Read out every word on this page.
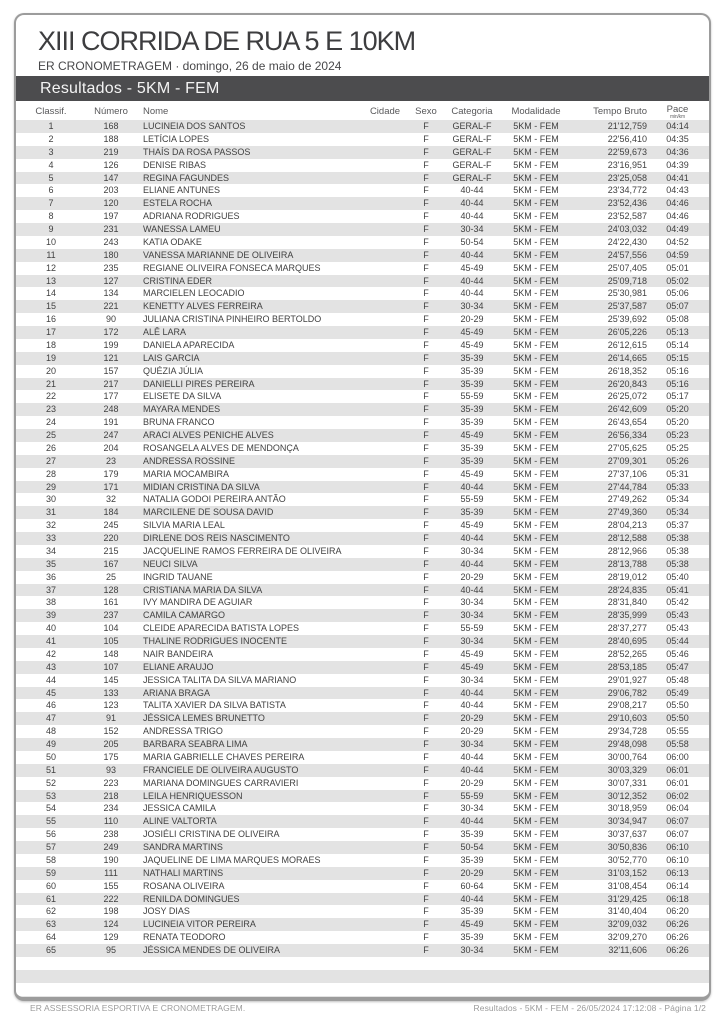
XIII CORRIDA DE RUA 5 E 10KM
ER CRONOMETRAGEM · domingo, 26 de maio de 2024
Resultados - 5KM - FEM
Classif.	Número	Nome	Cidade	Sexo	Categoria	Modalidade	Tempo Bruto Pace
min/km
1	168	LUCINEIA DOS SANTOS	F	GERAL-F	5KM - FEM	21'12,759	04:14
2	188	LETÍCIA LOPES	F	GERAL-F	5KM - FEM	22'56,410	04:35
3	219	THAÍS DA ROSA PASSOS	F	GERAL-F	5KM - FEM	22'59,673	04:36
4	126	DENISE RIBAS	F	GERAL-F	5KM - FEM	23'16,951	04:39
5	147	REGINA FAGUNDES	F	GERAL-F	5KM - FEM	23'25,058	04:41
6	203	ELIANE ANTUNES	F	40-44	5KM - FEM	23'34,772	04:43
7	120	ESTELA ROCHA	F	40-44	5KM - FEM	23'52,436	04:46
8	197	ADRIANA RODRIGUES	F	40-44	5KM - FEM	23'52,587	04:46
9	231	WANESSA LAMEU	F	30-34	5KM - FEM	24'03,032	04:49
10	243	KATIA ODAKE	F	50-54	5KM - FEM	24'22,430	04:52
11	180	VANESSA MARIANNE DE OLIVEIRA	F	40-44	5KM - FEM	24'57,556	04:59
12	235	REGIANE OLIVEIRA FONSECA MARQUES	F	45-49	5KM - FEM	25'07,405	05:01
13	127	CRISTINA EDER	F	40-44	5KM - FEM	25'09,718	05:02
14	134	MARCIELEN LEOCADIO	F	40-44	5KM - FEM	25'30,981	05:06
15	221	KENETTY ALVES FERREIRA	F	30-34	5KM - FEM	25'37,587	05:07
16	90	JULIANA CRISTINA PINHEIRO BERTOLDO	F	20-29	5KM - FEM	25'39,692	05:08
17	172	ALÊ LARA	F	45-49	5KM - FEM	26'05,226	05:13
18	199	DANIELA APARECIDA	F	45-49	5KM - FEM	26'12,615	05:14
19	121	LAIS GARCIA	F	35-39	5KM - FEM	26'14,665	05:15
20	157	QUÉZIA JÚLIA	F	35-39	5KM - FEM	26'18,352	05:16
21	217	DANIELLI PIRES PEREIRA	F	35-39	5KM - FEM	26'20,843	05:16
22	177	ELISETE DA SILVA	F	55-59	5KM - FEM	26'25,072	05:17
23	248	MAYARA MENDES	F	35-39	5KM - FEM	26'42,609	05:20
24	191	BRUNA FRANCO	F	35-39	5KM - FEM	26'43,654	05:20
25	247	ARACI ALVES PENICHE ALVES	F	45-49	5KM - FEM	26'56,334	05:23
26	204	ROSANGELA ALVES DE MENDONÇA	F	35-39	5KM - FEM	27'05,625	05:25
27	23	ANDRESSA ROSSINE	F	35-39	5KM - FEM	27'09,301	05:26
28	179	MARIA MOCAMBIRA	F	45-49	5KM - FEM	27'37,106	05:31
29	171	MIDIAN CRISTINA DA SILVA	F	40-44	5KM - FEM	27'44,784	05:33
30	32	NATALIA GODOI PEREIRA ANTÃO	F	55-59	5KM - FEM	27'49,262	05:34
31	184	MARCILENE DE SOUSA DAVID	F	35-39	5KM - FEM	27'49,360	05:34
32	245	SILVIA MARIA LEAL	F	45-49	5KM - FEM	28'04,213	05:37
33	220	DIRLENE DOS REIS NASCIMENTO	F	40-44	5KM - FEM	28'12,588	05:38
34	215	JACQUELINE RAMOS FERREIRA DE OLIVEIRA	F	30-34	5KM - FEM	28'12,966	05:38
35	167	NEUCI SILVA	F	40-44	5KM - FEM	28'13,788	05:38
36	25	INGRID TAUANE	F	20-29	5KM - FEM	28'19,012	05:40
37	128	CRISTIANA MARIA DA SILVA	F	40-44	5KM - FEM	28'24,835	05:41
38	161	IVY MANDIRA DE AGUIAR	F	30-34	5KM - FEM	28'31,840	05:42
39	237	CAMILA CAMARGO	F	30-34	5KM - FEM	28'35,999	05:43
40	104	CLEIDE APARECIDA BATISTA LOPES	F	55-59	5KM - FEM	28'37,277	05:43
41	105	THALINE RODRIGUES INOCENTE	F	30-34	5KM - FEM	28'40,695	05:44
42	148	NAIR BANDEIRA	F	45-49	5KM - FEM	28'52,265	05:46
43	107	ELIANE ARAUJO	F	45-49	5KM - FEM	28'53,185	05:47
44	145	JESSICA TALITA DA SILVA MARIANO	F	30-34	5KM - FEM	29'01,927	05:48
45	133	ARIANA BRAGA	F	40-44	5KM - FEM	29'06,782	05:49
46	123	TALITA XAVIER DA SILVA BATISTA	F	40-44	5KM - FEM	29'08,217	05:50
47	91	JÉSSICA LEMES BRUNETTO	F	20-29	5KM - FEM	29'10,603	05:50
48	152	ANDRESSA TRIGO	F	20-29	5KM - FEM	29'34,728	05:55
49	205	BARBARA SEABRA LIMA	F	30-34	5KM - FEM	29'48,098	05:58
50	175	MARIA GABRIELLE CHAVES PEREIRA	F	40-44	5KM - FEM	30'00,764	06:00
51	93	FRANCIELE DE OLIVEIRA AUGUSTO	F	40-44	5KM - FEM	30'03,329	06:01
52	223	MARIANA DOMINGUES CARRAVIERI	F	20-29	5KM - FEM	30'07,331	06:01
53	218	LEILA HENRIQUESSON	F	55-59	5KM - FEM	30'12,352	06:02
54	234	JESSICA CAMILA	F	30-34	5KM - FEM	30'18,959	06:04
55	110	ALINE VALTORTA	F	40-44	5KM - FEM	30'34,947	06:07
56	238	JOSIÉLI CRISTINA DE OLIVEIRA	F	35-39	5KM - FEM	30'37,637	06:07
57	249	SANDRA MARTINS	F	50-54	5KM - FEM	30'50,836	06:10
58	190	JAQUELINE DE LIMA MARQUES MORAES	F	35-39	5KM - FEM	30'52,770	06:10
59	111	NATHALI MARTINS	F	20-29	5KM - FEM	31'03,152	06:13
60	155	ROSANA OLIVEIRA	F	60-64	5KM - FEM	31'08,454	06:14
61	222	RENILDA DOMINGUES	F	40-44	5KM - FEM	31'29,425	06:18
62	198	JOSY DIAS	F	35-39	5KM - FEM	31'40,404	06:20
63	124	LUCINEIA VITOR PEREIRA	F	45-49	5KM - FEM	32'09,032	06:26
64	129	RENATA TEODORO	F	35-39	5KM - FEM	32'09,270	06:26
65	95	JÉSSICA MENDES DE OLIVEIRA	F	30-34	5KM - FEM	32'11,606	06:26
ER ASSESSORIA ESPORTIVA E CRONOMETRAGEM.	Resultados - 5KM - FEM - 26/05/2024 17:12:08 - Página 1/2
